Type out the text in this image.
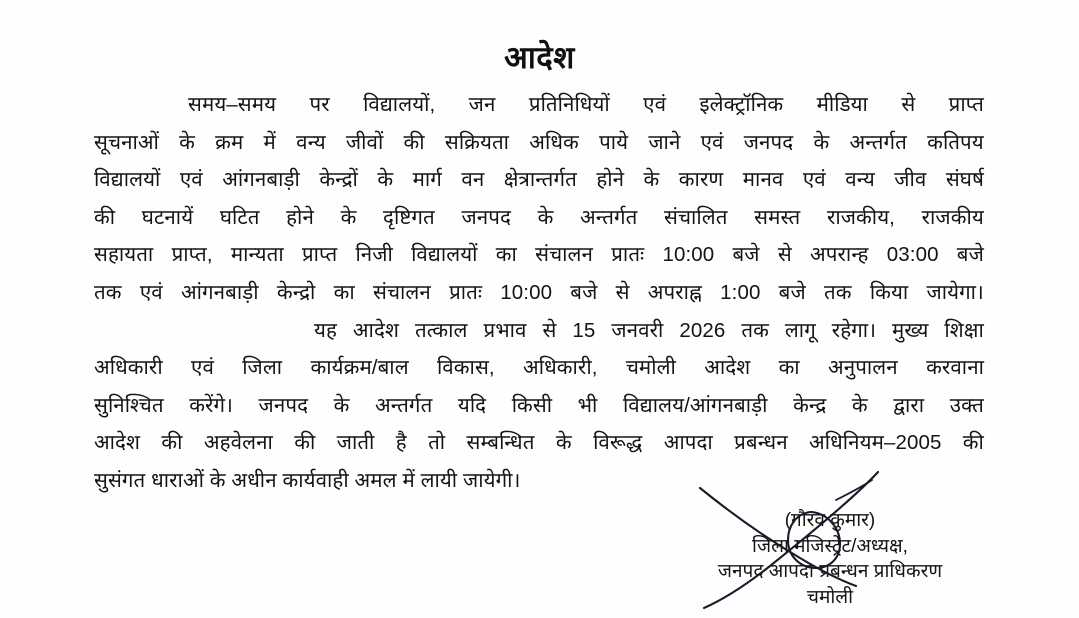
आदेश
समय–समय पर विद्यालयों, जन प्रतिनिधियों एवं इलेक्ट्रॉनिक मीडिया से प्राप्त
सूचनाओं के क्रम में वन्य जीवों की सक्रियता अधिक पाये जाने एवं जनपद के अन्तर्गत कतिपय
विद्यालयों एवं आंगनबाड़ी केन्द्रों के मार्ग वन क्षेत्रान्तर्गत होने के कारण मानव एवं वन्य जीव संघर्ष
की घटनायें घटित होने के दृष्टिगत जनपद के अन्तर्गत संचालित समस्त राजकीय, राजकीय
सहायता प्राप्त, मान्यता प्राप्त निजी विद्यालयों का संचालन प्रातः 10:00 बजे से अपरान्ह 03:00 बजे
तक एवं आंगनबाड़ी केन्द्रो का संचालन प्रातः 10:00 बजे से अपराह्न 1:00 बजे तक किया जायेगा।
यह आदेश तत्काल प्रभाव से 15 जनवरी 2026 तक लागू रहेगा। मुख्य शिक्षा
अधिकारी एवं जिला कार्यक्रम/बाल विकास, अधिकारी, चमोली आदेश का अनुपालन करवाना
सुनिश्चित करेंगे। जनपद के अन्तर्गत यदि किसी भी विद्यालय/आंगनबाड़ी केन्द्र के द्वारा उक्त
आदेश की अहवेलना की जाती है तो सम्बन्धित के विरूद्ध आपदा प्रबन्धन अधिनियम–2005 की
सुसंगत धाराओं के अधीन कार्यवाही अमल में लायी जायेगी।
(गौरव कुमार)
जिला मजिस्ट्रेट/अध्यक्ष,
जनपद आपदा प्रबन्धन प्राधिकरण
चमोली
